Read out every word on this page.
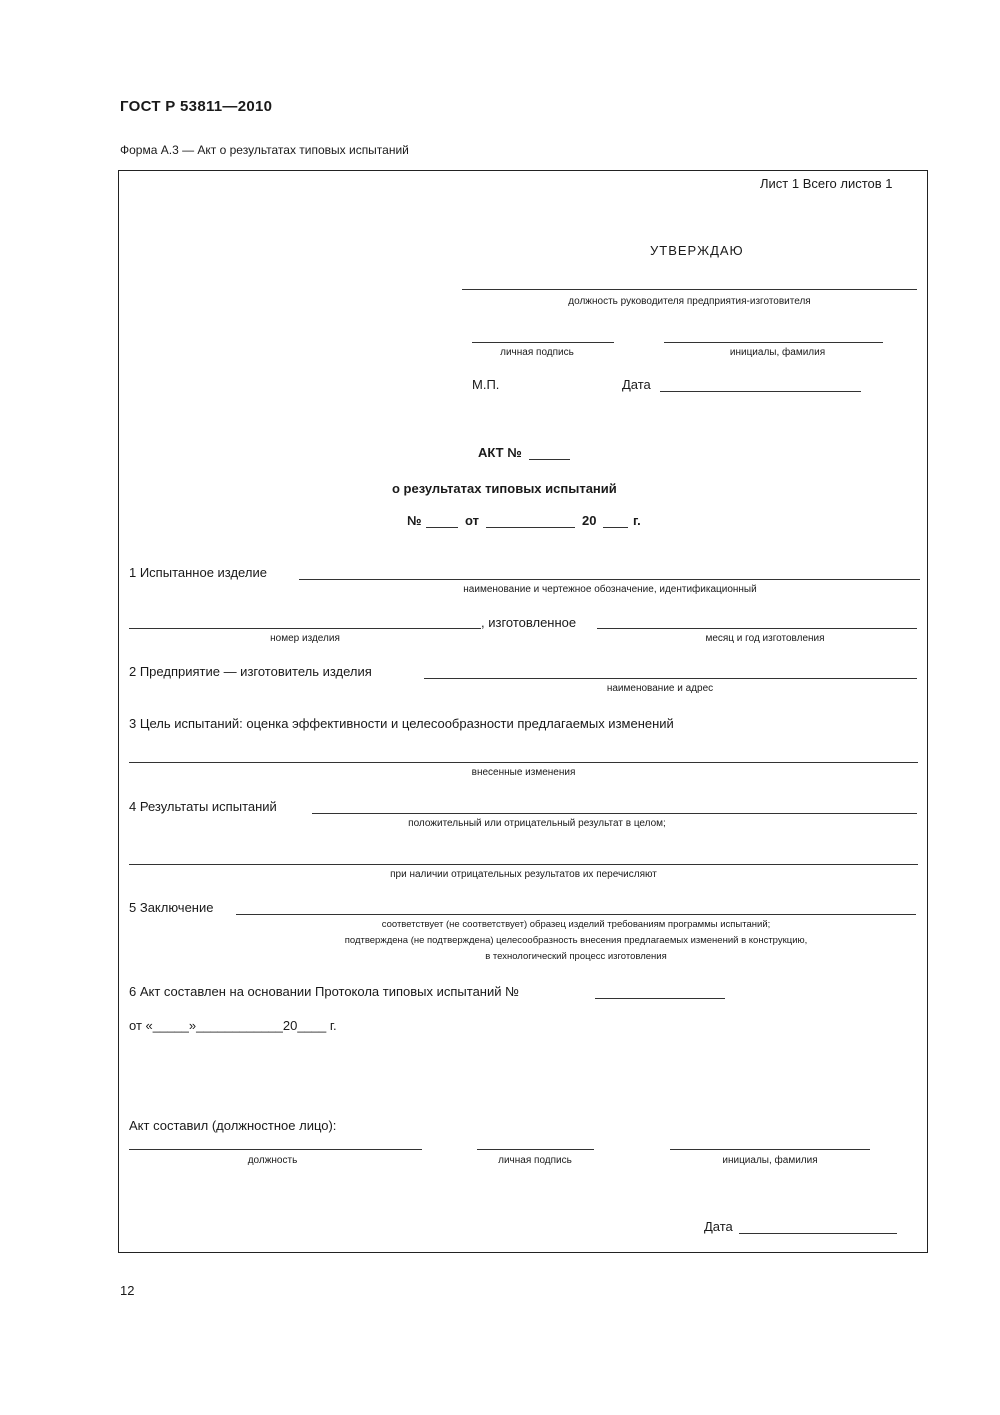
ГОСТ Р 53811—2010
Форма А.3 — Акт о результатах типовых испытаний
Лист 1 Всего листов 1
УТВЕРЖДАЮ
должность руководителя предприятия-изготовителя
личная подпись	инициалы, фамилия
М.П.	Дата
АКТ №
о результатах типовых испытаний
№	от	20	г.
1 Испытанное изделие
наименование и чертежное обозначение, идентификационный
, изготовленное
номер изделия	месяц и год изготовления
2 Предприятие — изготовитель изделия
наименование и адрес
3 Цель испытаний: оценка эффективности и целесообразности предлагаемых изменений
внесенные изменения
4 Результаты испытаний
положительный или отрицательный результат в целом;
при наличии отрицательных результатов их перечисляют
5 Заключение
соответствует (не соответствует) образец изделий требованиям программы испытаний;
подтверждена (не подтверждена) целесообразность внесения предлагаемых изменений в конструкцию,
в технологический процесс изготовления
6 Акт составлен на основании Протокола типовых испытаний №
от «_____»____________20____ г.
Акт составил (должностное лицо):
должность	личная подпись	инициалы, фамилия
Дата
12
